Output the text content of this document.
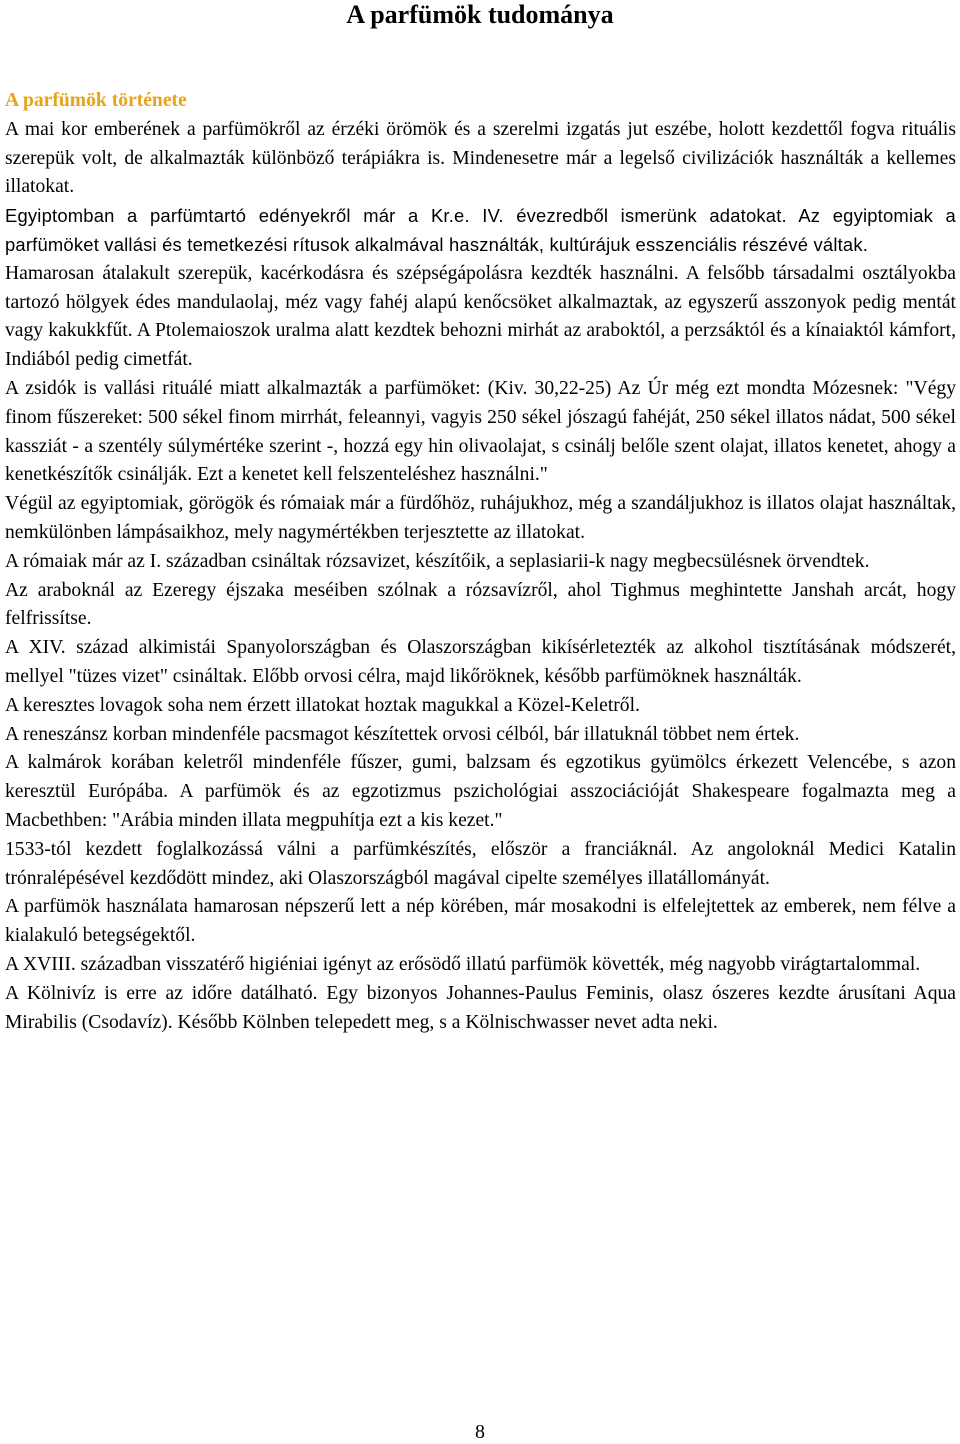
A parfümök tudománya

A parfümök története

A mai kor emberének a parfümökről az érzéki örömök és a szerelmi izgatás jut eszébe, holott kezdettől fogva rituális szerepük volt, de alkalmazták különböző terápiákra is. Mindenesetre már a legelső civilizációk használták a kellemes illatokat.

Egyiptomban a parfümtartó edényekről már a Kr.e. IV. évezredből ismerünk adatokat. Az egyiptomiak a parfümöket vallási és temetkezési rítusok alkalmával használták, kultúrájuk esszenciális részévé váltak.

Hamarosan átalakult szerepük, kacérkodásra és szépségápolásra kezdték használni. A felsőbb társadalmi osztályokba tartozó hölgyek édes mandulaolaj, méz vagy fahéj alapú kenőcsöket alkalmaztak, az egyszerű asszonyok pedig mentát vagy kakukkfűt. A Ptolemaioszok uralma alatt kezdtek behozni mirhát az araboktól, a perzsáktól és a kínaiaktól kámfort, Indiából pedig cimetfát.

A zsidók is vallási rituálé miatt alkalmazták a parfümöket: (Kiv. 30,22-25) Az Úr még ezt mondta Mózesnek: "Végy finom fűszereket: 500 sékel finom mirrhát, feleannyi, vagyis 250 sékel jószagú fahéját, 250 sékel illatos nádat, 500 sékel kassziát - a szentély súlymértéke szerint -, hozzá egy hin olivaolajat, s csinálj belőle szent olajat, illatos kenetet, ahogy a kenetkészítők csinálják. Ezt a kenetet kell felszenteléshez használni."

Végül az egyiptomiak, görögök és rómaiak már a fürdőhöz, ruhájukhoz, még a szandáljukhoz is illatos olajat használtak, nemkülönben lámpásaikhoz, mely nagymértékben terjesztette az illatokat.

A rómaiak már az I. században csináltak rózsavizet, készítőik, a seplasiarii-k nagy megbecsülésnek örvendtek.

Az araboknál az Ezeregy éjszaka meséiben szólnak a rózsavízről, ahol Tighmus meghintette Janshah arcát, hogy felfrissítse.

A XIV. század alkimistái Spanyolországban és Olaszországban kikísérletezték az alkohol tisztításának módszerét, mellyel "tüzes vizet" csináltak. Előbb orvosi célra, majd likőröknek, később parfümöknek használták.

A keresztes lovagok soha nem érzett illatokat hoztak magukkal a Közel-Keletről.

A reneszánsz korban mindenféle pacsmagot készítettek orvosi célból, bár illatuknál többet nem értek.

A kalmárok korában keletről mindenféle fűszer, gumi, balzsam és egzotikus gyümölcs érkezett Velencébe, s azon keresztül Európába. A parfümök és az egzotizmus pszichológiai asszociációját Shakespeare fogalmazta meg a Macbethben: "Arábia minden illata megpuhítja ezt a kis kezet."

1533-tól kezdett foglalkozássá válni a parfümkészítés, először a franciáknál. Az angoloknál Medici Katalin trónralépésével kezdődött mindez, aki Olaszországból magával cipelte személyes illatállományát.

A parfümök használata hamarosan népszerű lett a nép körében, már mosakodni is elfelejtettek az emberek, nem félve a kialakuló betegségektől.

A XVIII. században visszatérő higiéniai igényt az erősödő illatú parfümök követték, még nagyobb virágtartalommal.

A Kölnivíz is erre az időre datálható. Egy bizonyos Johannes-Paulus Feminis, olasz ószeres kezdte árusítani Aqua Mirabilis (Csodavíz). Később Kölnben telepedett meg, s a Kölnischwasser nevet adta neki.

8
